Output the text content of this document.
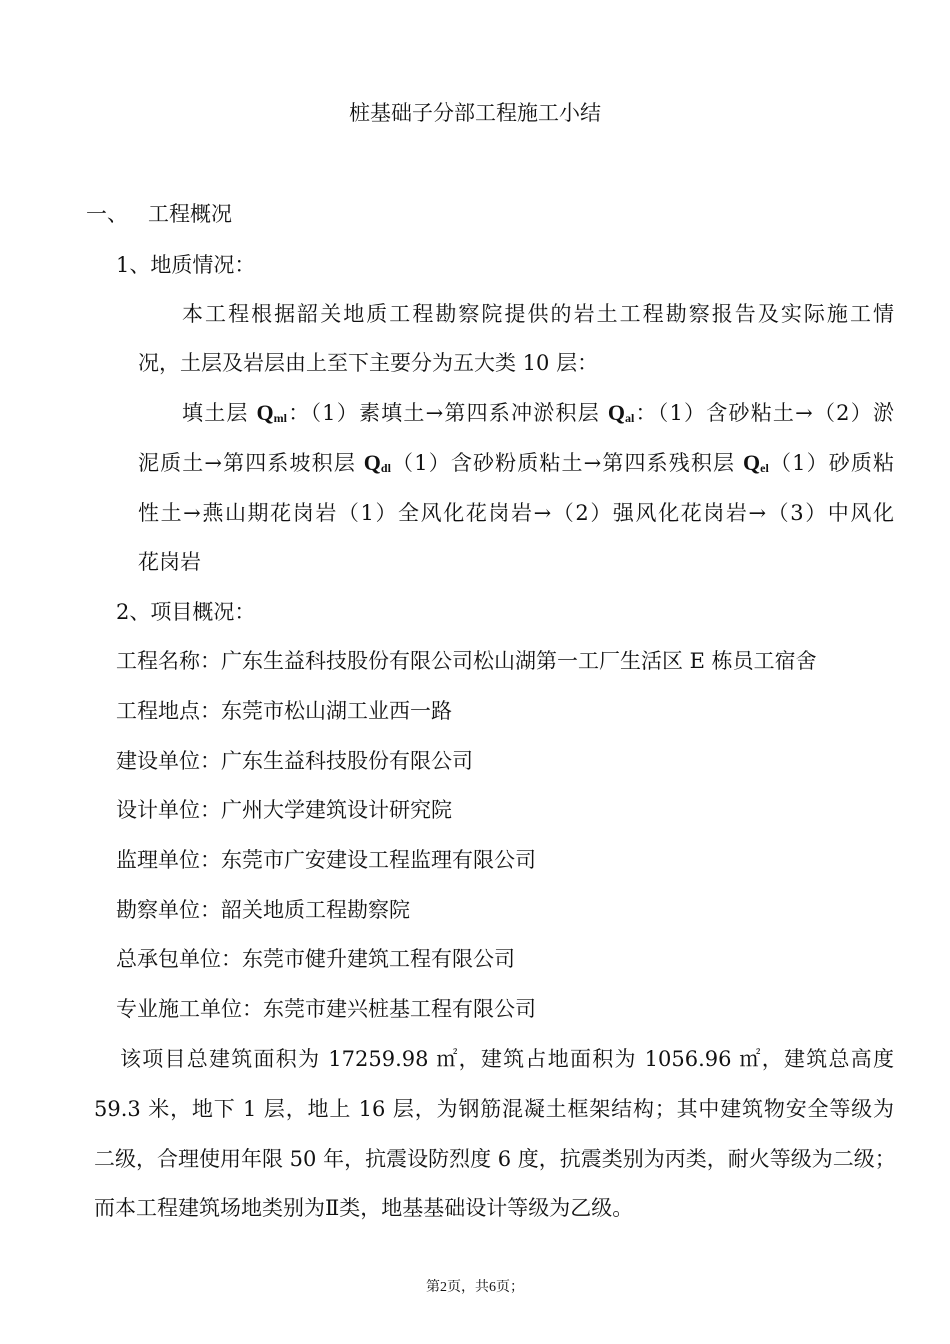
桩基础子分部工程施工小结
一、 工程概况
1、地质情况：
本工程根据韶关地质工程勘察院提供的岩土工程勘察报告及实际施工情
况，土层及岩层由上至下主要分为五大类 10 层：
填土层 $Q_{ml}$：（1）素填土→第四系冲淤积层 $Q_{al}$：（1）含砂粘土→（2）淤
泥质土→第四系坡积层 $Q_{dl}(1)$含砂粉质粘土→第四系残积层 $Q_{el}(1)$砂质粘
性土→燕山期花岗岩（1）全风化花岗岩→（2）强风化花岗岩→（3）中风化
花岗岩
2、项目概况：
工程名称：广东生益科技股份有限公司松山湖第一工厂生活区 E 栋员工宿舍
工程地点：东莞市松山湖工业西一路
建设单位：广东生益科技股份有限公司
设计单位：广州大学建筑设计研究院
监理单位：东莞市广安建设工程监理有限公司
勘察单位：韶关地质工程勘察院
总承包单位：东莞市健升建筑工程有限公司
专业施工单位：东莞市建兴桩基工程有限公司
该项目总建筑面积为 17259.98 ㎡，建筑占地面积为 1056.96 ㎡，建筑总高度
59.3 米，地下 1 层，地上 16 层，为钢筋混凝土框架结构；其中建筑物安全等级为
二级，合理使用年限 50 年，抗震设防烈度 6 度，抗震类别为丙类，耐火等级为二级；
而本工程建筑场地类别为Ⅱ类，地基基础设计等级为乙级。
第2页，共6页；
